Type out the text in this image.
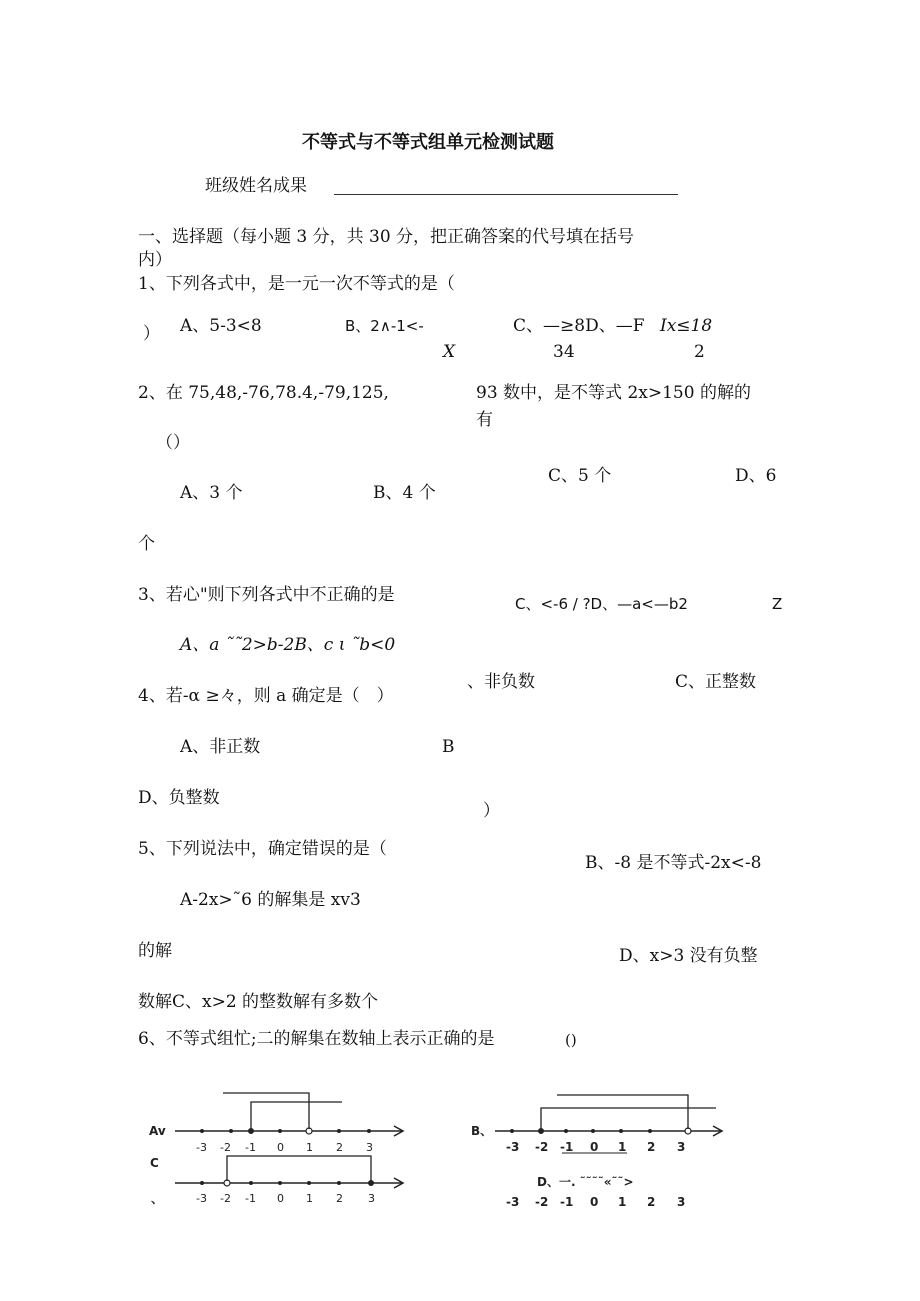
不等式与不等式组单元检测试题
班级姓名成果
一、选择题（每小题 3 分，共 30 分，把正确答案的代号填在括号
内）
1、下列各式中，是一元一次不等式的是（
） A、5-3<8	B、2∧-1<-
X
C、—≥8D、—F Ix≤18
34	2
2、在 75,48,-76,78.4,-79,125,	93 数中，是不等式 2x>150 的解的
有
（）
C、5 个	D、6
A、3 个	B、4 个
个
3、若心"则下列各式中不正确的是	C、<-6 / ?D、—a<—b2	Z
A、a ˜˜2>b-2B、c ι ˜b<0
、非负数	C、正整数
4、若-α ≥々，则 a 确定是（　）
A、非正数	B
D、负整数
）
5、下列说法中，确定错误的是（
B、-8 是不等式-2x<-8
A-2x>˜6 的解集是 xv3
的解	D、x>3 没有负整
数解C、x>2 的整数解有多数个
6、不等式组忙;二的解集在数轴上表示正确的是	()
Av
-3 -2 -1 0 1 2 3
B、
-3 -2 -1 0 1 2 3
C
、	-3 -2 -1 0 1 2 3
D、一. ˜˜˜˜«˜˜>
-3 -2 -1 0 1 2 3
